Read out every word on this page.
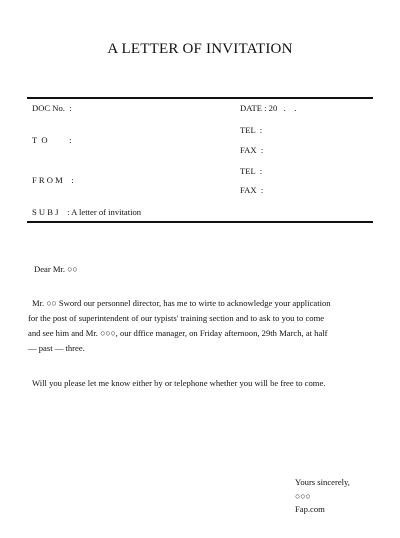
A LETTER OF INVITATION
DOC No.  :	DATE : 20   .    .
TEL  :
T  O          :
FAX  :
TEL  :
F R O M    :
FAX  :
S U B J    : A letter of invitation
Dear Mr. ○○
Mr. ○○ Sword our personnel director, has me to wirte to acknowledge your application
for the post of superintendent of our typists' training section and to ask to you to come
and see him and Mr. ○○○, our dffice manager, on Friday afternoon, 29th March, at half
— past — three.
Will you please let me know either by or telephone whether you will be free to come.
Yours sincerely,
○○○
Fap.com
